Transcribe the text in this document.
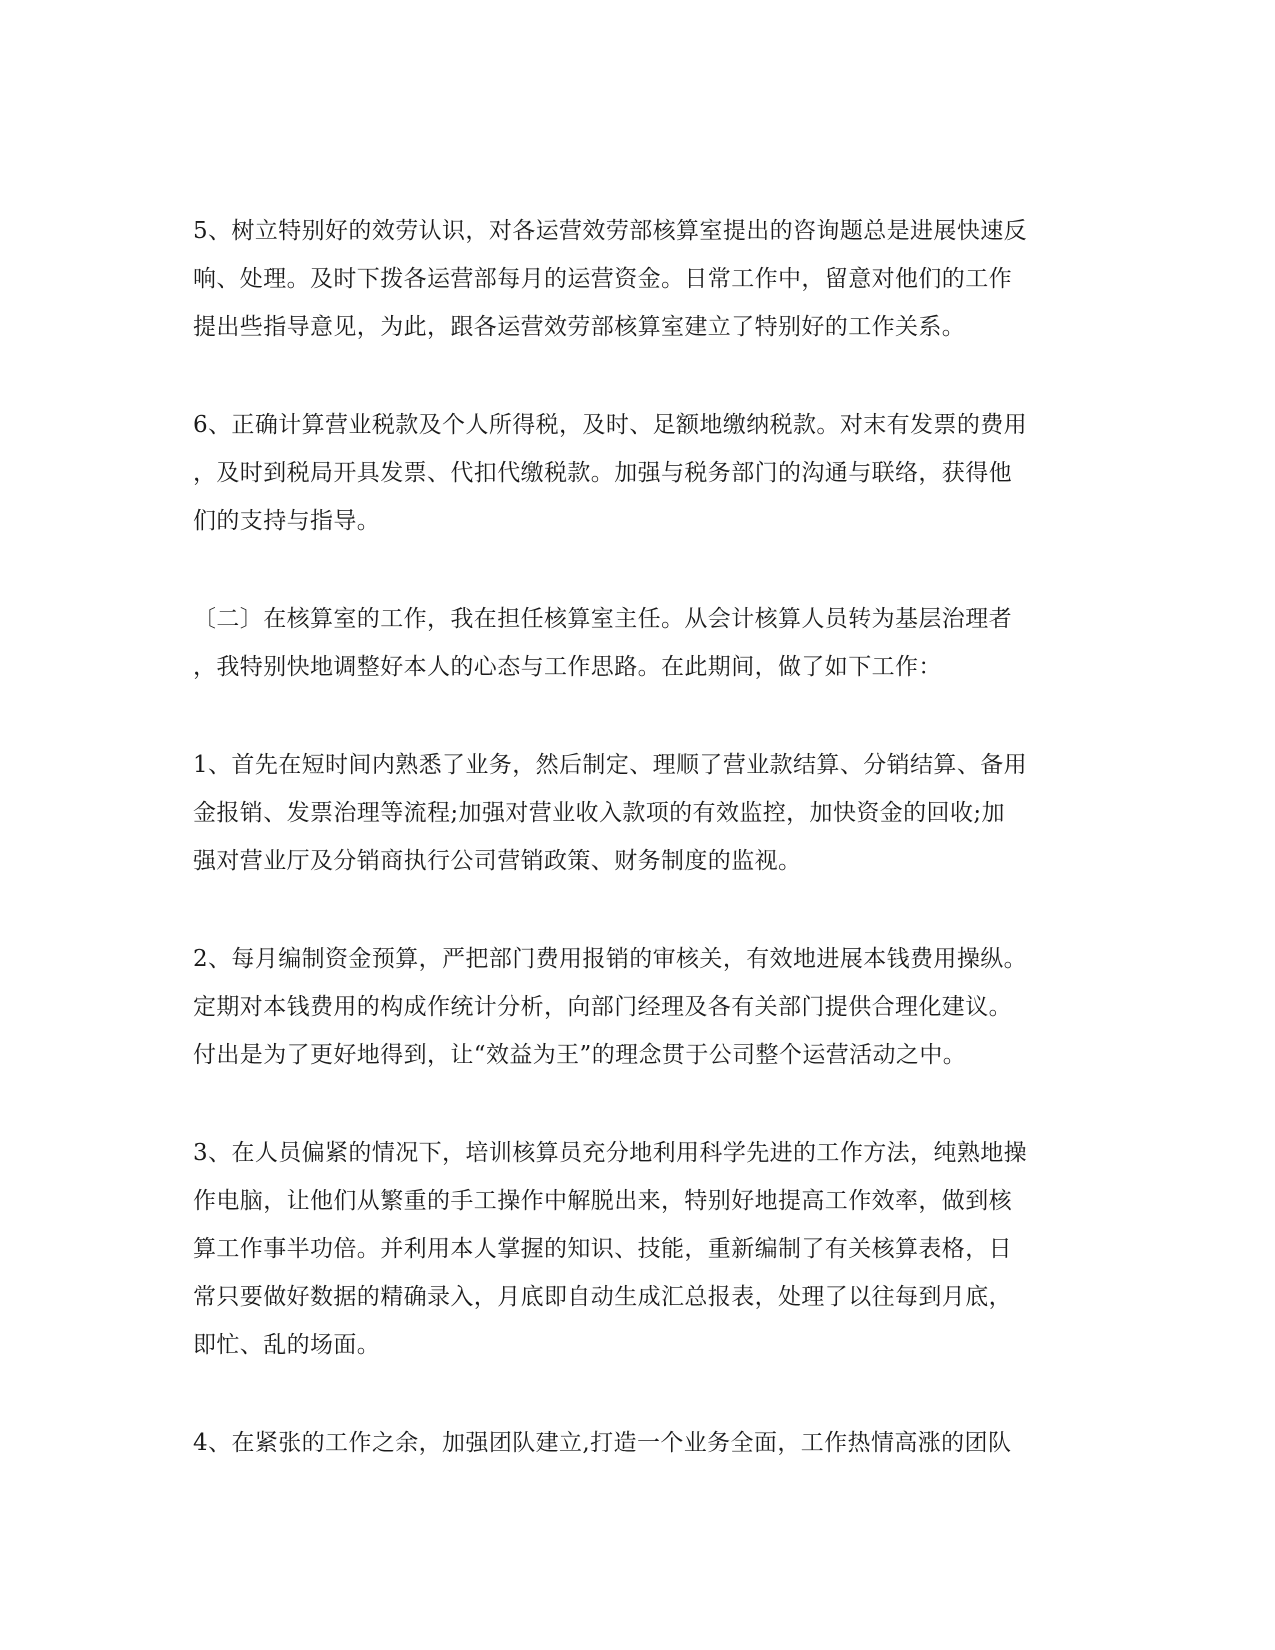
5、树立特别好的效劳认识，对各运营效劳部核算室提出的咨询题总是进展快速反
响、处理。及时下拨各运营部每月的运营资金。日常工作中，留意对他们的工作
提出些指导意见，为此，跟各运营效劳部核算室建立了特别好的工作关系。
6、正确计算营业税款及个人所得税，及时、足额地缴纳税款。对末有发票的费用
，及时到税局开具发票、代扣代缴税款。加强与税务部门的沟通与联络，获得他
们的支持与指导。
〔二〕在核算室的工作，我在担任核算室主任。从会计核算人员转为基层治理者
，我特别快地调整好本人的心态与工作思路。在此期间，做了如下工作：
1、首先在短时间内熟悉了业务，然后制定、理顺了营业款结算、分销结算、备用
金报销、发票治理等流程;加强对营业收入款项的有效监控，加快资金的回收;加
强对营业厅及分销商执行公司营销政策、财务制度的监视。
2、每月编制资金预算，严把部门费用报销的审核关，有效地进展本钱费用操纵。
定期对本钱费用的构成作统计分析，向部门经理及各有关部门提供合理化建议。
付出是为了更好地得到，让“效益为王”的理念贯于公司整个运营活动之中。
3、在人员偏紧的情况下，培训核算员充分地利用科学先进的工作方法，纯熟地操
作电脑，让他们从繁重的手工操作中解脱出来，特别好地提高工作效率，做到核
算工作事半功倍。并利用本人掌握的知识、技能，重新编制了有关核算表格，日
常只要做好数据的精确录入，月底即自动生成汇总报表，处理了以往每到月底，
即忙、乱的场面。
4、在紧张的工作之余，加强团队建立,打造一个业务全面，工作热情高涨的团队
